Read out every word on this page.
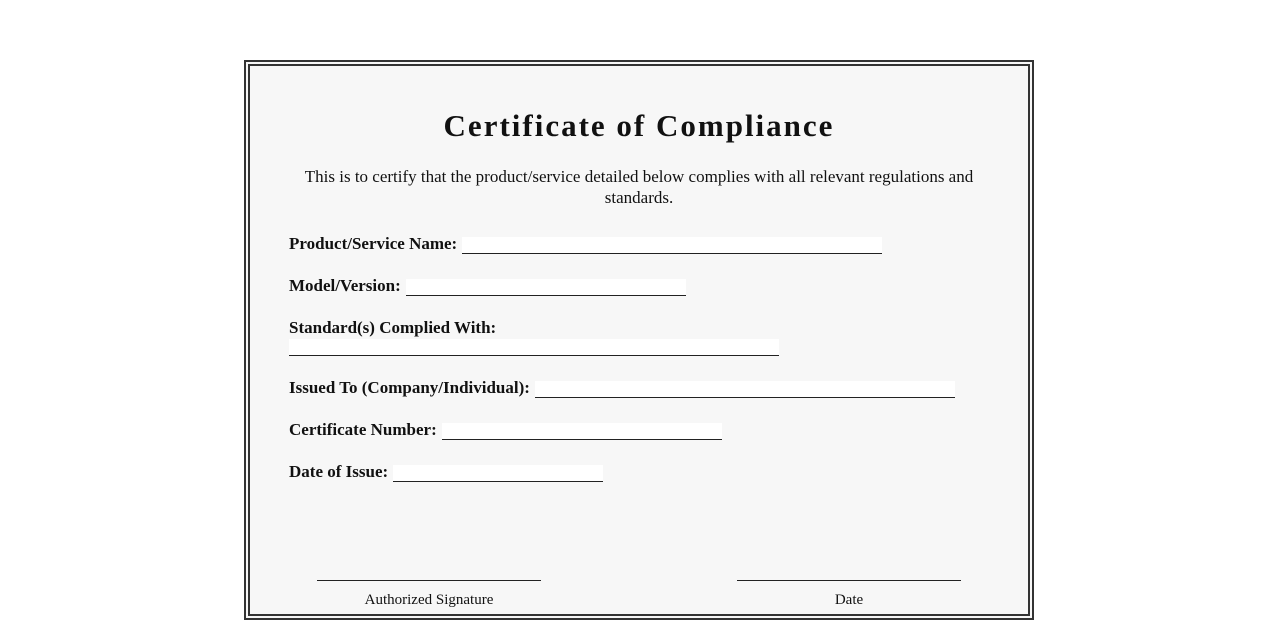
Certificate of Compliance

This is to certify that the product/service detailed below complies with all relevant regulations and standards.

Product/Service Name:
Model/Version:
Standard(s) Complied With:
Issued To (Company/Individual):
Certificate Number:
Date of Issue:
Authorized Signature	Date
